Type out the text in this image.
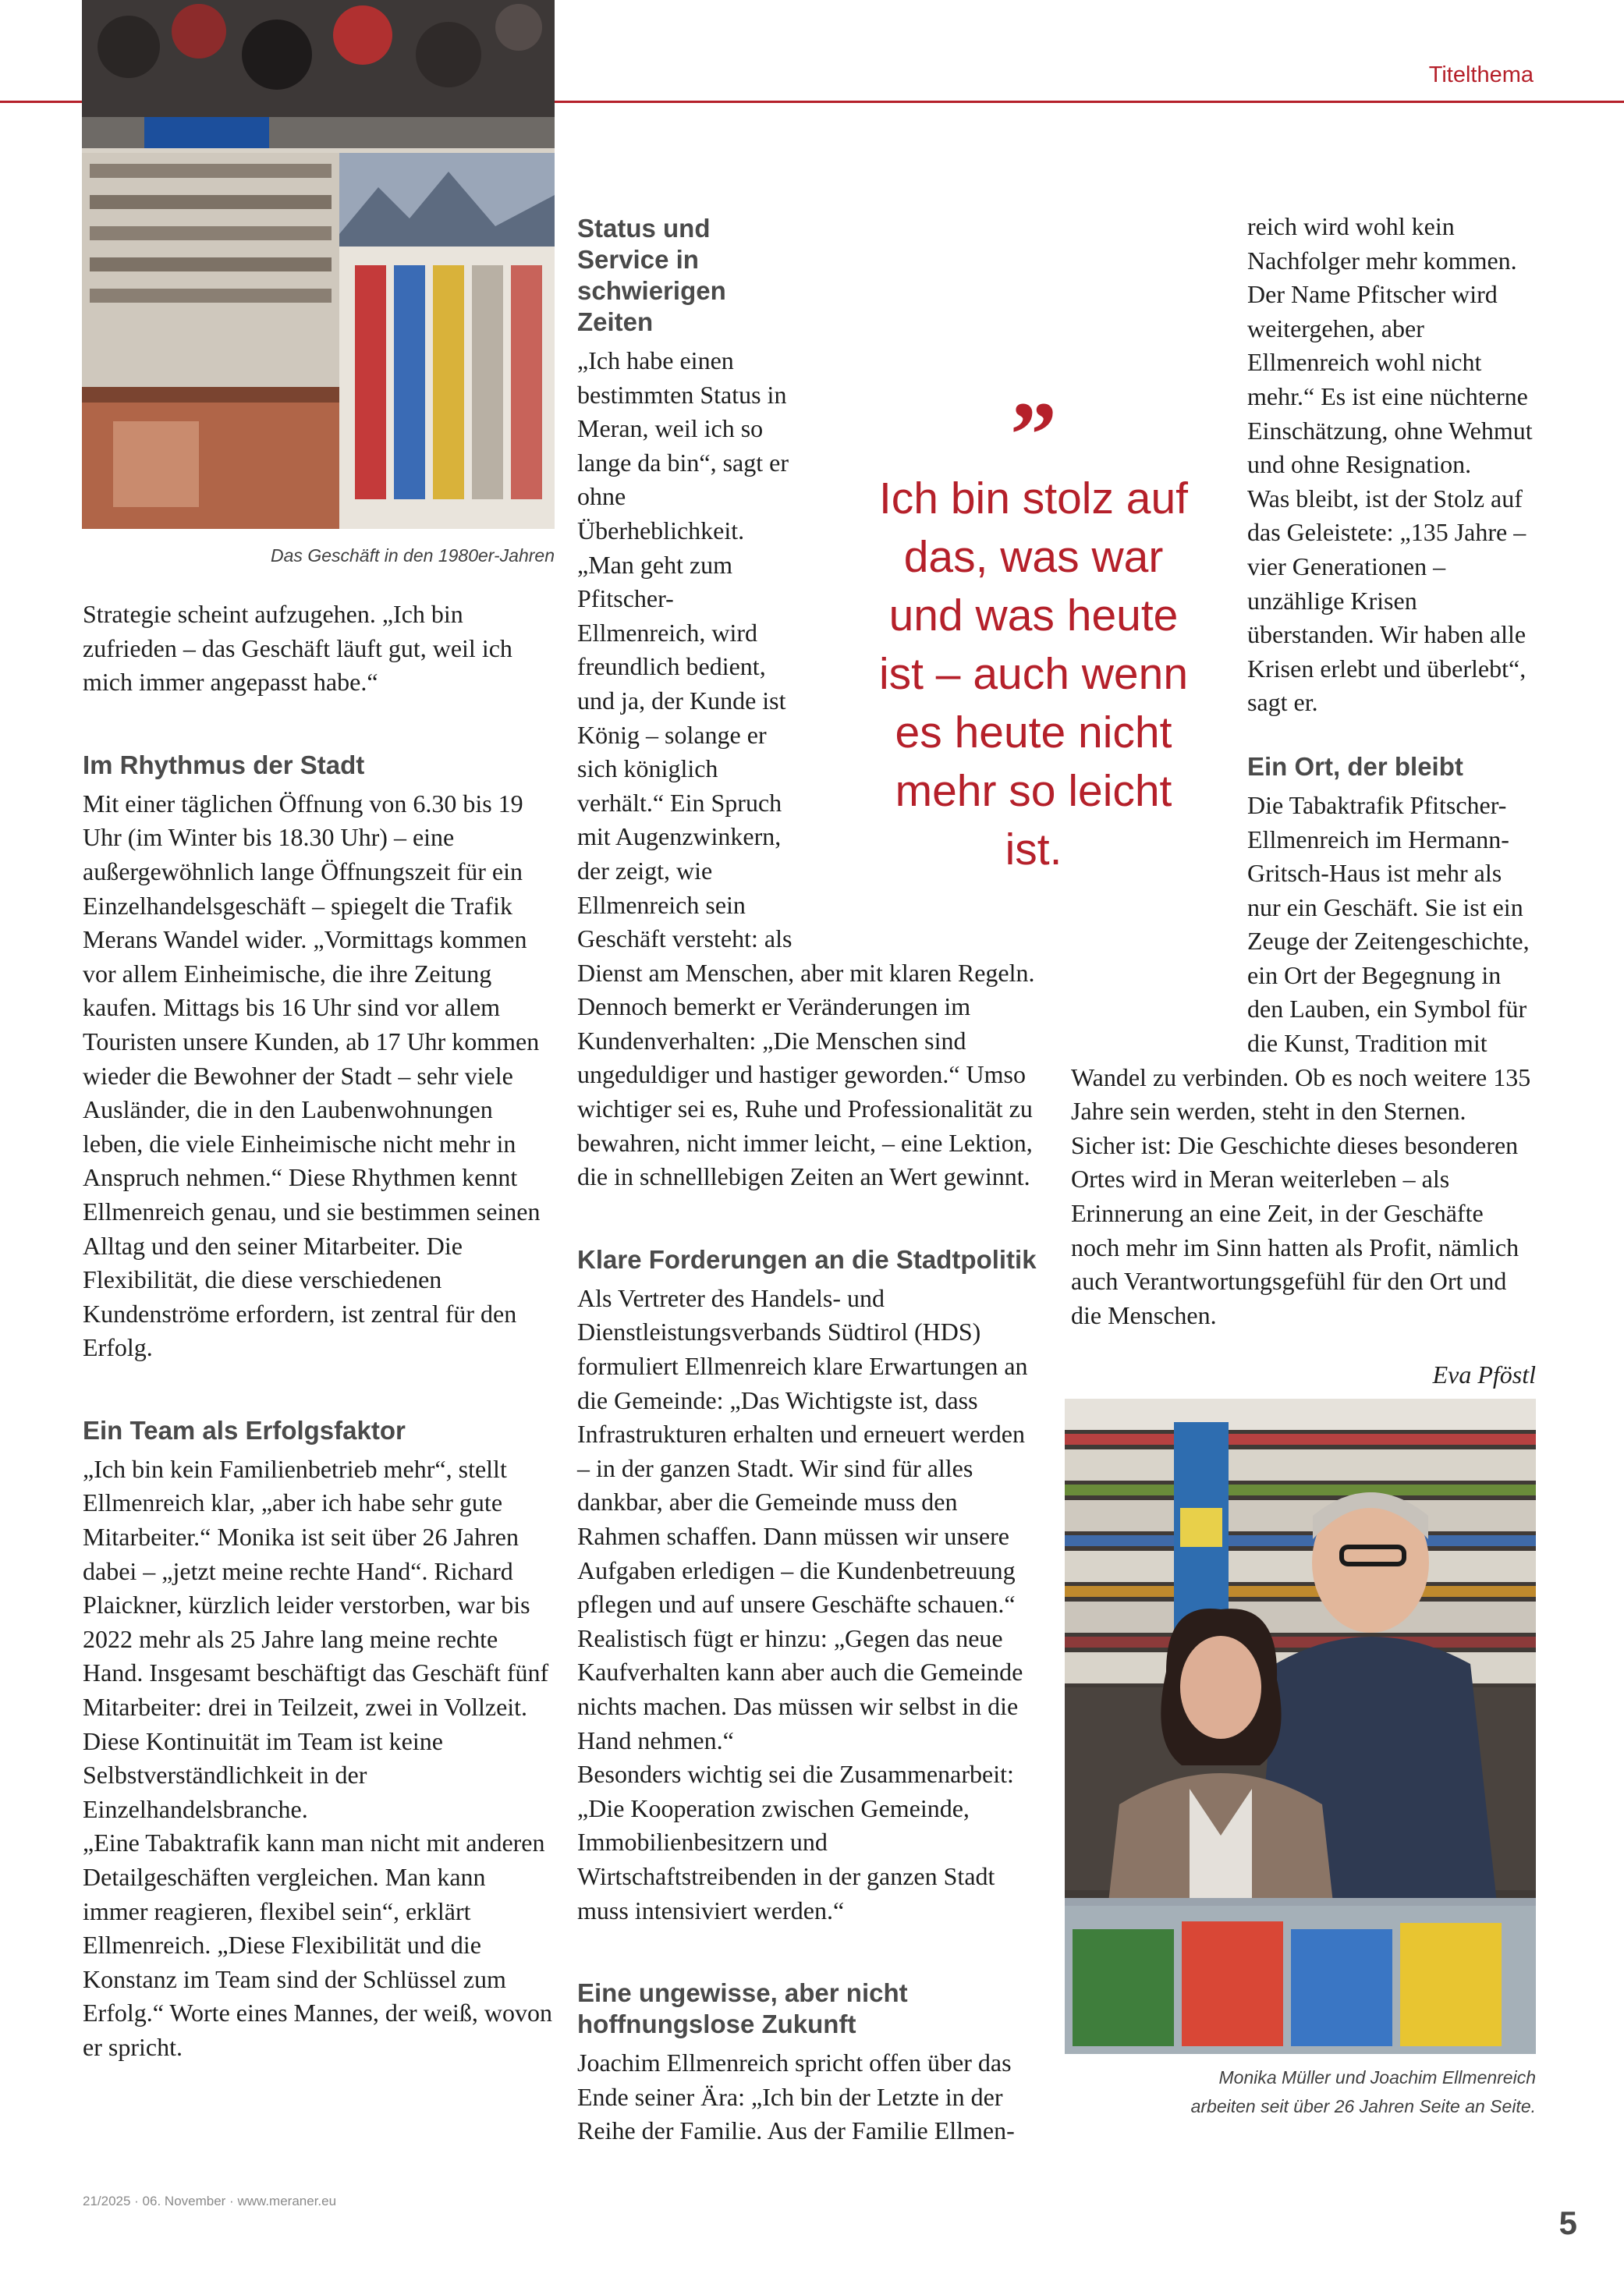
Titelthema
Das Geschäft in den 1980er-Jahren

Strategie scheint aufzugehen. „Ich bin zufrieden – das Geschäft läuft gut, weil ich mich immer angepasst habe.“

Im Rhythmus der Stadt

Mit einer täglichen Öffnung von 6.30 bis 19 Uhr (im Winter bis 18.30 Uhr) – eine außergewöhnlich lange Öffnungszeit für ein Einzelhandelsgeschäft – spiegelt die Trafik Merans Wandel wider. „Vormittags kommen vor allem Einheimische, die ihre Zeitung kaufen. Mittags bis 16 Uhr sind vor allem Touristen unsere Kunden, ab 17 Uhr kommen wieder die Bewohner der Stadt – sehr viele Ausländer, die in den Laubenwohnungen leben, die viele Einheimische nicht mehr in Anspruch nehmen.“ Diese Rhythmen kennt Ellmenreich genau, und sie bestimmen seinen Alltag und den seiner Mitarbeiter. Die Flexibilität, die diese verschiedenen Kundenströme erfordern, ist zentral für den Erfolg.

Ein Team als Erfolgsfaktor

„Ich bin kein Familienbetrieb mehr“, stellt Ellmenreich klar, „aber ich habe sehr gute Mitarbeiter.“ Monika ist seit über 26 Jahren dabei – „jetzt meine rechte Hand“. Richard Plaickner, kürzlich leider verstorben, war bis 2022 mehr als 25 Jahre lang meine rechte Hand. Insgesamt beschäftigt das Geschäft fünf Mitarbeiter: drei in Teilzeit, zwei in Vollzeit. Diese Kontinuität im Team ist keine Selbstverständlichkeit in der Einzelhandelsbranche.

„Eine Tabaktrafik kann man nicht mit anderen Detailgeschäften vergleichen. Man kann immer reagieren, flexibel sein“, erklärt Ellmenreich. „Diese Flexibilität und die Konstanz im Team sind der Schlüssel zum Erfolg.“ Worte eines Mannes, der weiß, wovon er spricht.

”
Ich bin stolz auf das, was war und was heute ist – auch wenn es heute nicht mehr so leicht ist.
Status und Service in schwierigen Zeiten

„Ich habe einen bestimmten Status in Meran, weil ich so lange da bin“, sagt er ohne Überheblichkeit.

„Man geht zum Pfitscher-Ellmenreich, wird freundlich bedient, und ja, der Kunde ist König – solange er sich königlich verhält.“ Ein Spruch mit Augenzwinkern, der zeigt, wie Ellmenreich sein Geschäft versteht: als Dienst am Menschen, aber mit klaren Regeln. Dennoch bemerkt er Veränderungen im Kundenverhalten: „Die Menschen sind ungeduldiger und hastiger geworden.“ Umso wichtiger sei es, Ruhe und Professionalität zu bewahren, nicht immer leicht, – eine Lektion, die in schnelllebigen Zeiten an Wert gewinnt.

Klare Forderungen an die Stadtpolitik

Als Vertreter des Handels- und Dienstleistungsverbands Südtirol (HDS) formuliert Ellmenreich klare Erwartungen an die Gemeinde: „Das Wichtigste ist, dass Infrastrukturen erhalten und erneuert werden – in der ganzen Stadt. Wir sind für alles dankbar, aber die Gemeinde muss den Rahmen schaffen. Dann müssen wir unsere Aufgaben erledigen – die Kundenbetreuung pflegen und auf unsere Geschäfte schauen.“ Realistisch fügt er hinzu: „Gegen das neue Kaufverhalten kann aber auch die Gemeinde nichts machen. Das müssen wir selbst in die Hand nehmen.“

Besonders wichtig sei die Zusammenarbeit: „Die Kooperation zwischen Gemeinde, Immobilienbesitzern und Wirtschaftstreibenden in der ganzen Stadt muss intensiviert werden.“

Eine ungewisse, aber nicht hoffnungslose Zukunft

Joachim Ellmenreich spricht offen über das Ende seiner Ära: „Ich bin der Letzte in der Reihe der Familie. Aus der Familie Ellmen-

reich wird wohl kein Nachfolger mehr kommen. Der Name Pfitscher wird weitergehen, aber Ellmenreich wohl nicht mehr.“ Es ist eine nüchterne Einschätzung, ohne Wehmut und ohne Resignation.

Was bleibt, ist der Stolz auf das Geleistete: „135 Jahre – vier Generationen – unzählige Krisen überstanden. Wir haben alle Krisen erlebt und überlebt“, sagt er.

Ein Ort, der bleibt

Die Tabaktrafik Pfitscher-Ellmenreich im Hermann-Gritsch-Haus ist mehr als nur ein Geschäft. Sie ist ein Zeuge der Zeitengeschichte, ein Ort der Begegnung in den Lauben, ein Symbol für die Kunst, Tradition mit Wandel zu verbinden. Ob es noch weitere 135 Jahre sein werden, steht in den Sternen. Sicher ist: Die Geschichte dieses besonderen Ortes wird in Meran weiterleben – als Erinnerung an eine Zeit, in der Geschäfte noch mehr im Sinn hatten als Profit, nämlich auch Verantwortungsgefühl für den Ort und die Menschen.

Eva Pföstl
Monika Müller und Joachim Ellmenreich
arbeiten seit über 26 Jahren Seite an Seite.
21/2025 · 06. November · www.meraner.eu
5
